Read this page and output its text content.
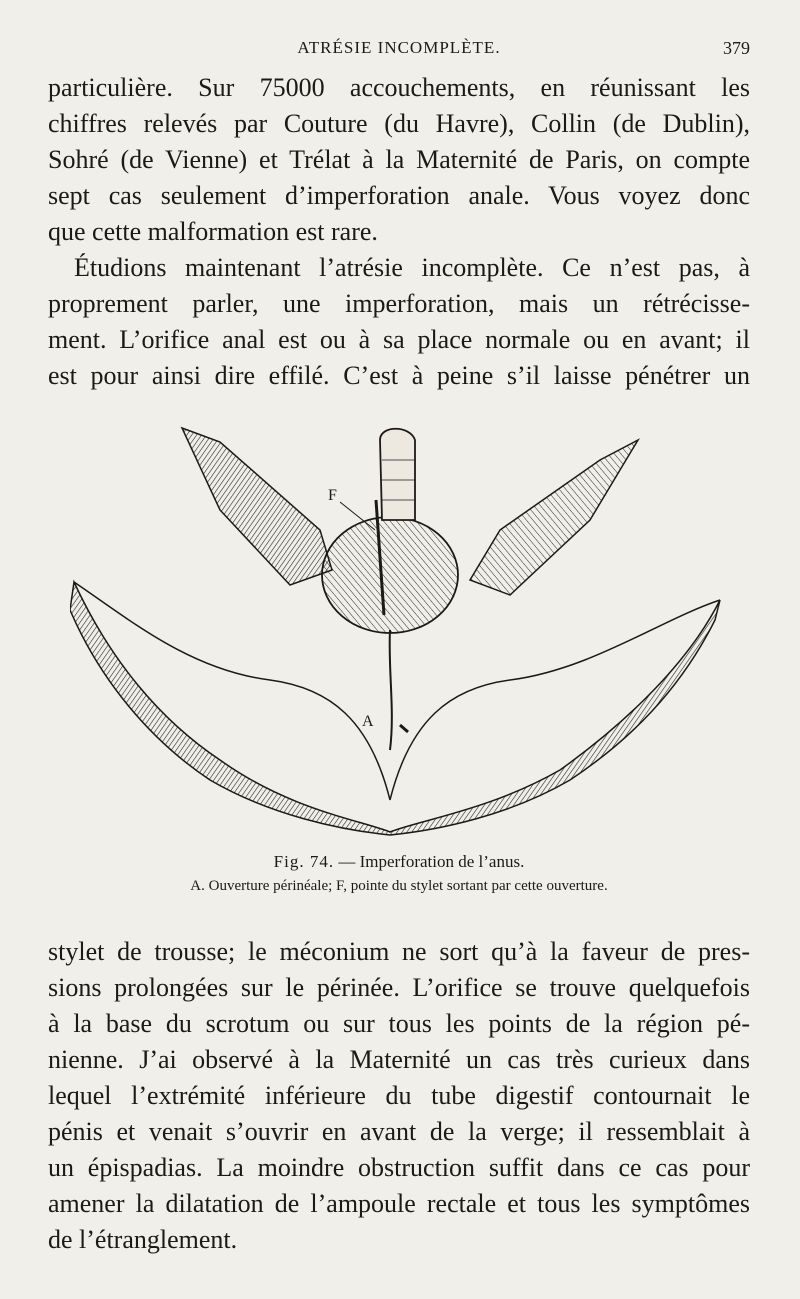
ATRÉSIE INCOMPLÈTE.	379
particulière. Sur 75000 accouchements, en réunissant les
chiffres relevés par Couture (du Havre), Collin (de Dublin),
Sohré (de Vienne) et Trélat à la Maternité de Paris, on compte
sept cas seulement d’imperforation anale. Vous voyez donc
que cette malformation est rare.
Étudions maintenant l’atrésie incomplète. Ce n’est pas, à
proprement parler, une imperforation, mais un rétrécisse-
ment. L’orifice anal est ou à sa place normale ou en avant; il
est pour ainsi dire effilé. C’est à peine s’il laisse pénétrer un
F
A
Fig. 74. — Imperforation de l’anus.
A. Ouverture périnéale; F, pointe du stylet sortant par cette ouverture.
stylet de trousse; le méconium ne sort qu’à la faveur de pres-
sions prolongées sur le périnée. L’orifice se trouve quelquefois
à la base du scrotum ou sur tous les points de la région pé-
nienne. J’ai observé à la Maternité un cas très curieux dans
lequel l’extrémité inférieure du tube digestif contournait le
pénis et venait s’ouvrir en avant de la verge; il ressemblait à
un épispadias. La moindre obstruction suffit dans ce cas pour
amener la dilatation de l’ampoule rectale et tous les symptômes
de l’étranglement.
